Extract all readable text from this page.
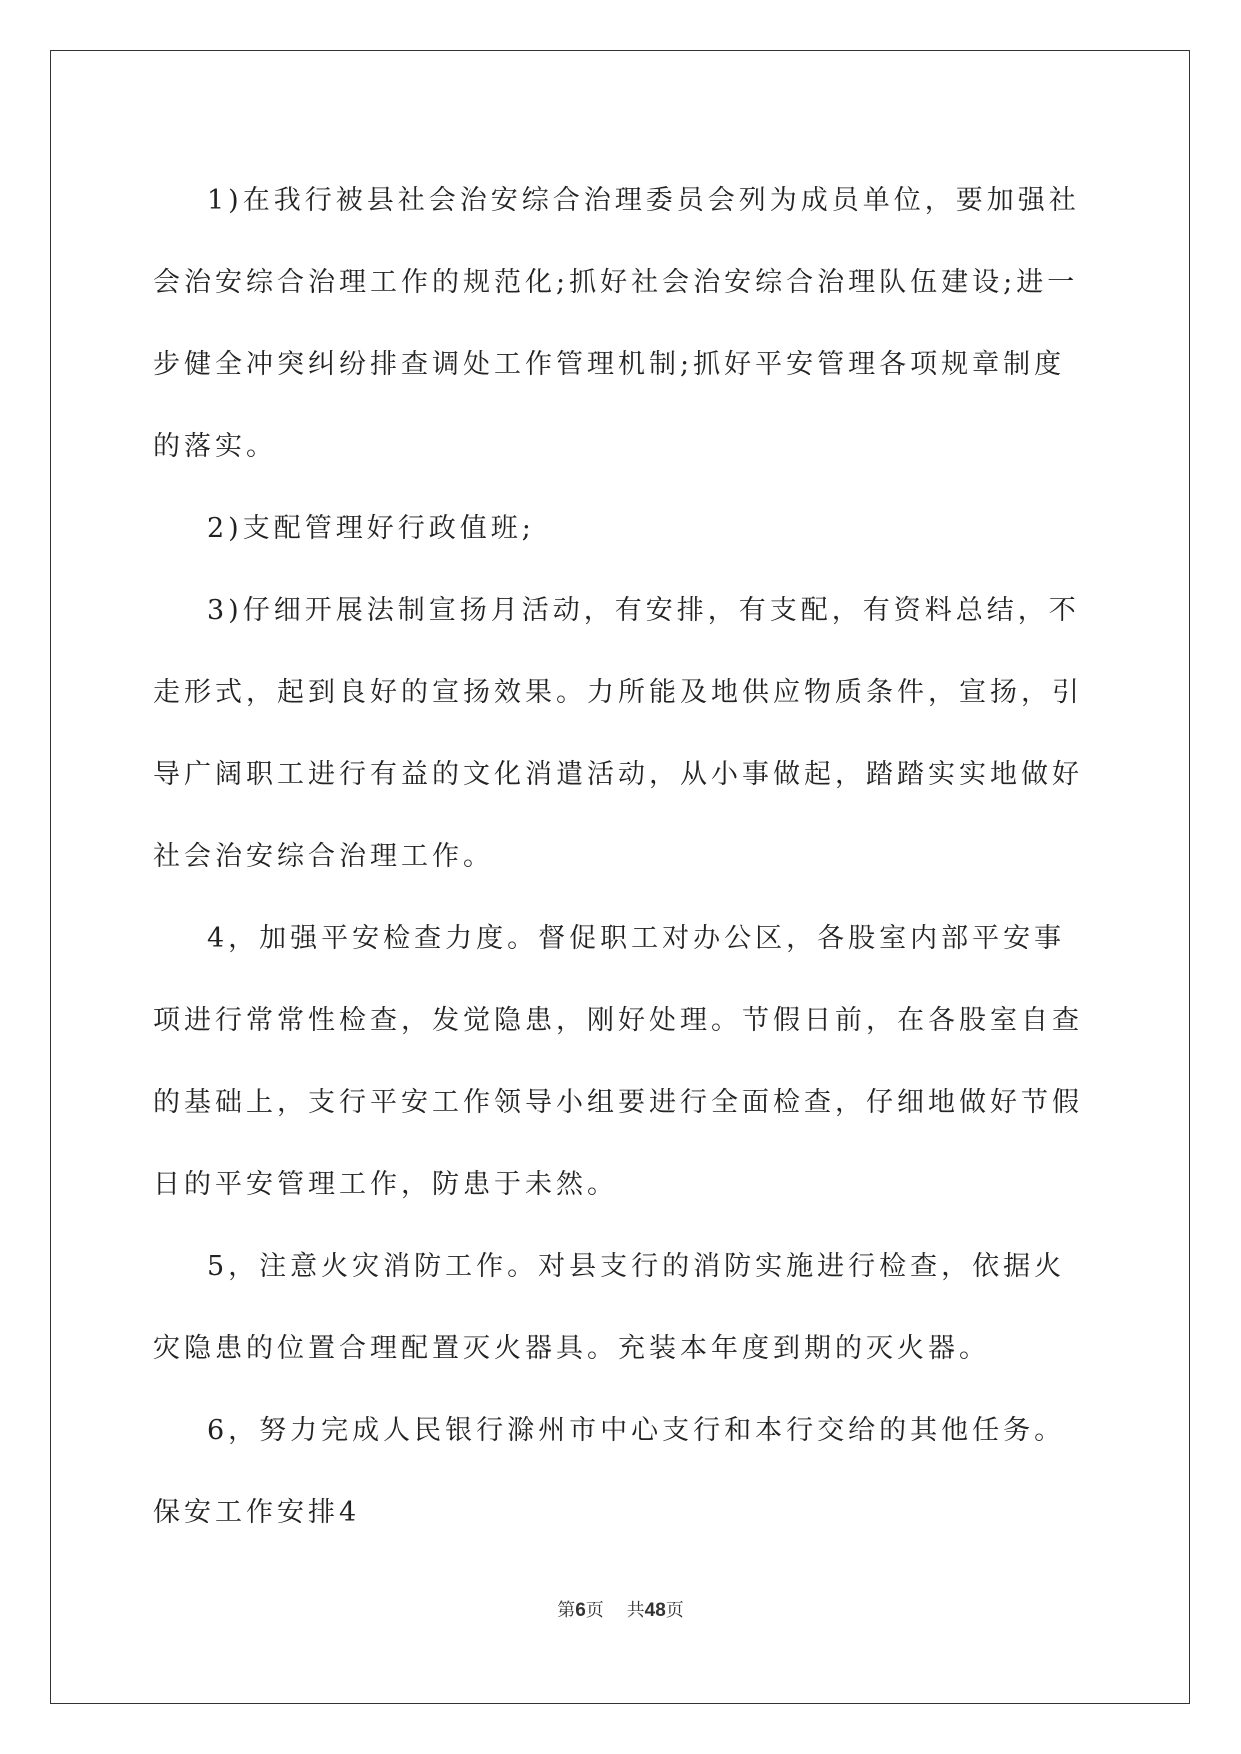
1)在我行被县社会治安综合治理委员会列为成员单位，要加强社会治安综合治理工作的规范化;抓好社会治安综合治理队伍建设;进一步健全冲突纠纷排查调处工作管理机制;抓好平安管理各项规章制度的落实。

2)支配管理好行政值班;

3)仔细开展法制宣扬月活动，有安排，有支配，有资料总结，不走形式，起到良好的宣扬效果。力所能及地供应物质条件，宣扬，引导广阔职工进行有益的文化消遣活动，从小事做起，踏踏实实地做好社会治安综合治理工作。

4，加强平安检查力度。督促职工对办公区，各股室内部平安事项进行常常性检查，发觉隐患，刚好处理。节假日前，在各股室自查的基础上，支行平安工作领导小组要进行全面检查，仔细地做好节假日的平安管理工作，防患于未然。

5，注意火灾消防工作。对县支行的消防实施进行检查，依据火灾隐患的位置合理配置灭火器具。充装本年度到期的灭火器。

6，努力完成人民银行滁州市中心支行和本行交给的其他任务。

保安工作安排4

第6页 共48页
